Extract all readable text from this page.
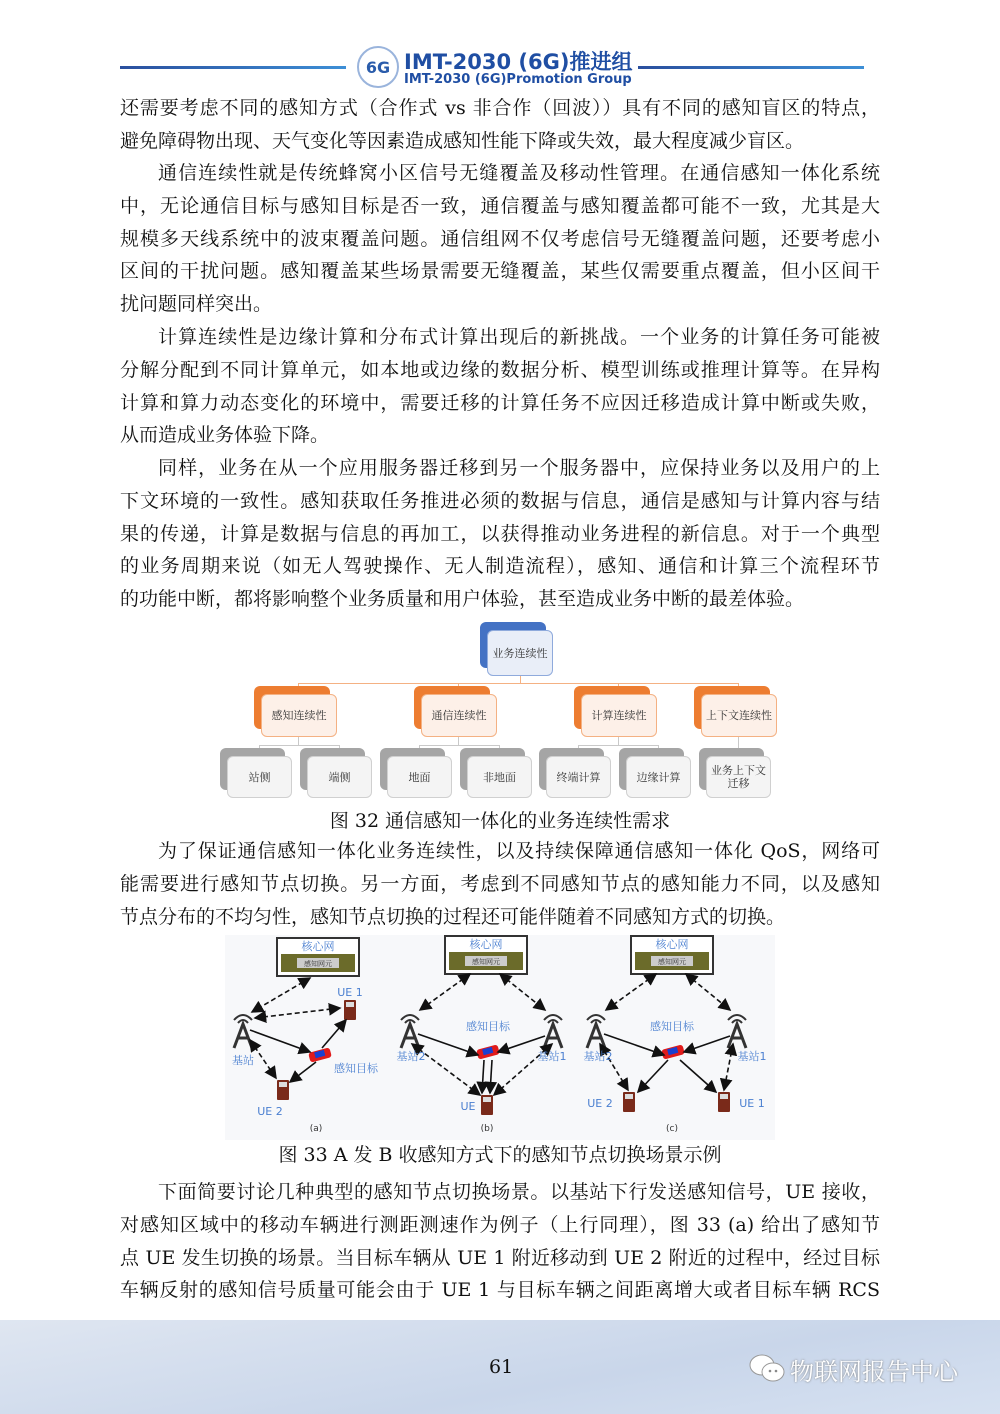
6G IMT-2030 (6G)推进组
IMT-2030 (6G)Promotion Group
还需要考虑不同的感知方式（合作式 vs 非合作（回波））具有不同的感知盲区的特点，
避免障碍物出现、天气变化等因素造成感知性能下降或失效，最大程度减少盲区。
通信连续性就是传统蜂窝小区信号无缝覆盖及移动性管理。在通信感知一体化系统
中，无论通信目标与感知目标是否一致，通信覆盖与感知覆盖都可能不一致，尤其是大
规模多天线系统中的波束覆盖问题。通信组网不仅考虑信号无缝覆盖问题，还要考虑小
区间的干扰问题。感知覆盖某些场景需要无缝覆盖，某些仅需要重点覆盖，但小区间干
扰问题同样突出。
计算连续性是边缘计算和分布式计算出现后的新挑战。一个业务的计算任务可能被
分解分配到不同计算单元，如本地或边缘的数据分析、模型训练或推理计算等。在异构
计算和算力动态变化的环境中，需要迁移的计算任务不应因迁移造成计算中断或失败，
从而造成业务体验下降。
同样，业务在从一个应用服务器迁移到另一个服务器中，应保持业务以及用户的上
下文环境的一致性。感知获取任务推进必须的数据与信息，通信是感知与计算内容与结
果的传递，计算是数据与信息的再加工，以获得推动业务进程的新信息。对于一个典型
的业务周期来说（如无人驾驶操作、无人制造流程），感知、通信和计算三个流程环节
的功能中断，都将影响整个业务质量和用户体验，甚至造成业务中断的最差体验。
为了保证通信感知一体化业务连续性，以及持续保障通信感知一体化 QoS，网络可
能需要进行感知节点切换。另一方面，考虑到不同感知节点的感知能力不同，以及感知
节点分布的不均匀性，感知节点切换的过程还可能伴随着不同感知方式的切换。
下面简要讨论几种典型的感知节点切换场景。以基站下行发送感知信号，UE 接收，
对感知区域中的移动车辆进行测距测速作为例子（上行同理），图 33 (a) 给出了感知节
点 UE 发生切换的场景。当目标车辆从 UE 1 附近移动到 UE 2 附近的过程中，经过目标
车辆反射的感知信号质量可能会由于 UE 1 与目标车辆之间距离增大或者目标车辆 RCS
业务连续性
感知连续性
站侧	端侧
通信连续性
地面	非地面
计算连续性
终端计算	边缘计算
上下文连续性
业务上下文迁移
图 32 通信感知一体化的业务连续性需求
核心网
感知网元
UE 1
基站
感知目标
UE 2
(a)
核心网
感知网元
基站2	基站1
感知目标
UE
(b)
核心网
感知网元
基站2	基站1
感知目标
UE 2	UE 1
(c)
图 33 A 发 B 收感知方式下的感知节点切换场景示例
61	物联网报告中心
